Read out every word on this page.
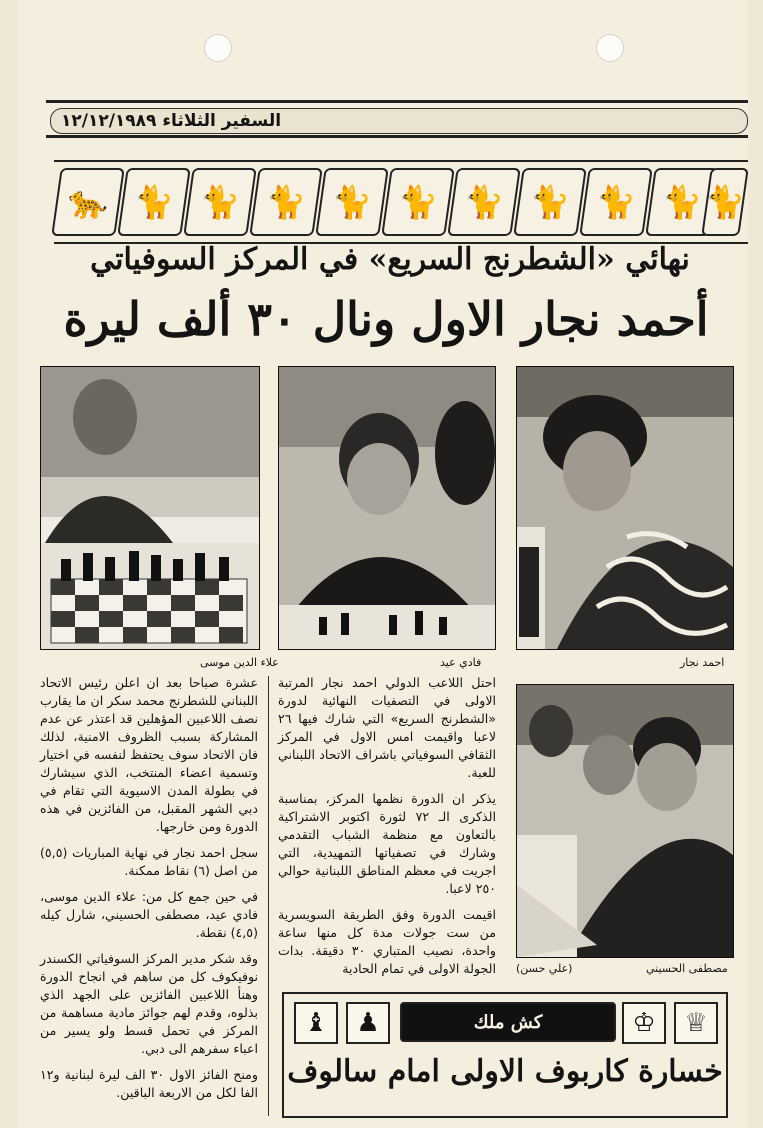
السفير الثلاثاء ١٢/١٢/١٩٨٩
🐆 🐈 🐈 🐈 🐈 🐈 🐈 🐈 🐈 🐈 🐈
نهائي «الشطرنج السريع» في المركز السوفياتي
أحمد نجار الاول ونال ٣٠ ألف ليرة
علاء الدين موسى	فادي عيد	احمد نجار

عشرة صباحا بعد ان اعلن رئيس الاتحاد اللبناني للشطرنج محمد سكر ان ما يقارب نصف اللاعبين المؤهلين قد اعتذر عن عدم المشاركة بسبب الظروف الامنية، لذلك فان الاتحاد سوف يحتفظ لنفسه في اختيار وتسمية اعضاء المنتخب، الذي سيشارك في بطولة المدن الاسيوية التي تقام في دبي الشهر المقبل، من الفائزين في هذه الدورة ومن خارجها.

سجل احمد نجار في نهاية المباريات (٥,٥) من اصل (٦) نقاط ممكنة.

في حين جمع كل من: علاء الدين موسى، فادي عيد، مصطفى الحسيني، شارل كيله (٤,٥) نقطة.

وقد شكر مدير المركز السوفياتي الكسندر نوفيكوف كل من ساهم في انجاح الدورة وهنأ اللاعبين الفائزين على الجهد الذي بذلوه، وقدم لهم جوائز مادية مساهمة من المركز في تحمل قسط ولو يسير من اعباء سفرهم الى دبي.

ومنح الفائز الاول ٣٠ الف ليرة لبنانية و١٢ الفا لكل من الاربعة الباقين.

احتل اللاعب الدولي احمد نجار المرتبة الاولى في التصفيات النهائية لدورة «الشطرنج السريع» التي شارك فيها ٢٦ لاعبا واقيمت امس الاول في المركز الثقافي السوفياتي باشراف الاتحاد اللبناني للعبة.

يذكر ان الدورة نظمها المركز، بمناسبة الذكرى الـ ٧٢ لثورة اكتوبر الاشتراكية بالتعاون مع منظمة الشباب التقدمي وشارك في تصفياتها التمهيدية، التي اجريت في معظم المناطق اللبنانية حوالي ٢٥٠ لاعبا.

اقيمت الدورة وفق الطريقة السويسرية من ست جولات مدة كل منها ساعة واحدة، نصيب المتباري ٣٠ دقيقة. بدات الجولة الاولى في تمام الحادية (علي حسن)	مصطفى الحسيني
♝	♟	كش ملك	♔	♕
خسارة كاربوف الاولى امام سالوف
